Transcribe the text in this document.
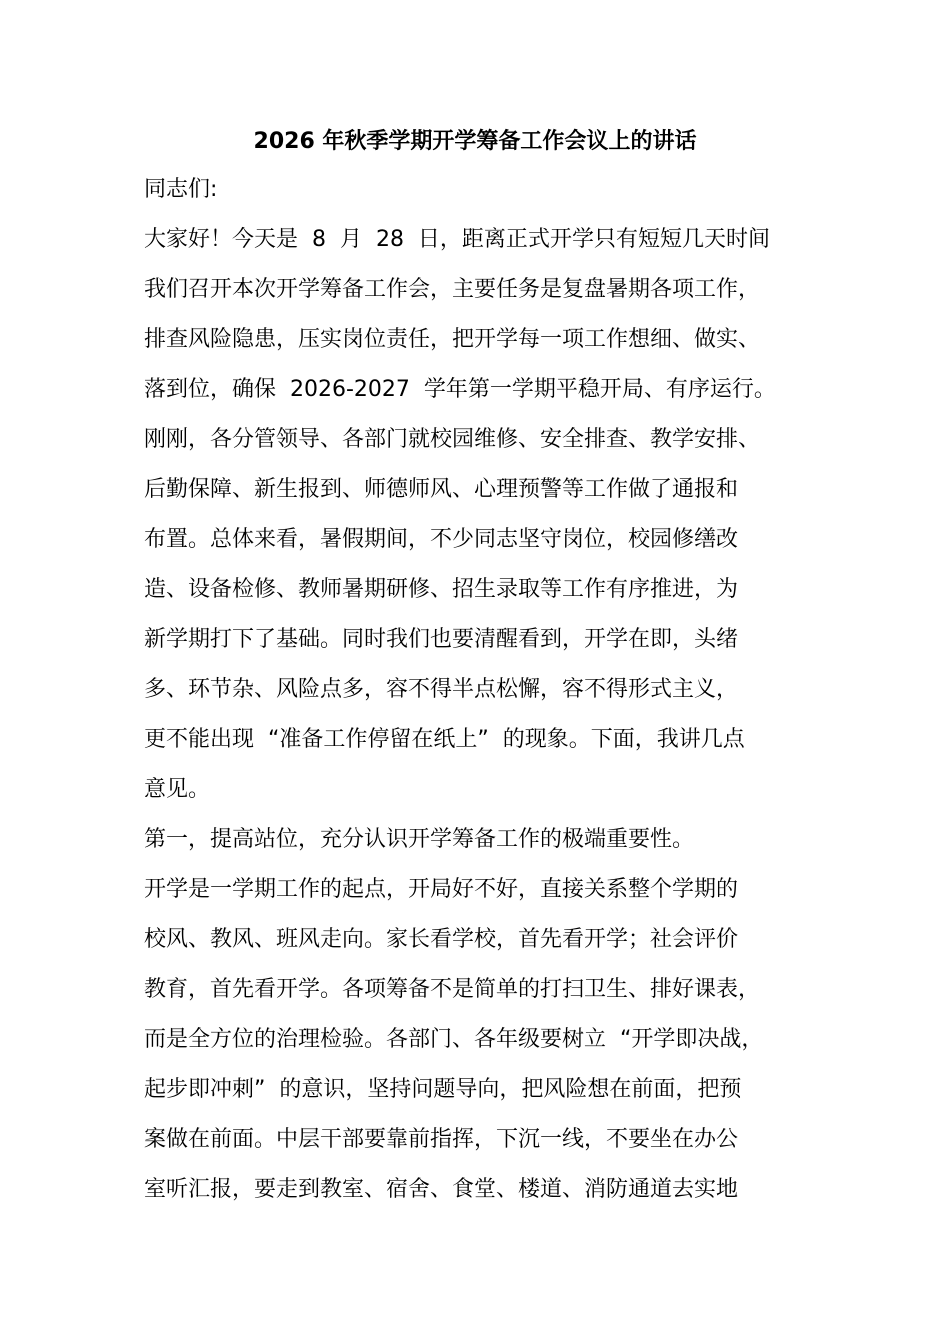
2026 年秋季学期开学筹备工作会议上的讲话
同志们:
大家好！今天是  8  月  28  日，距离正式开学只有短短几天时间
我们召开本次开学筹备工作会，主要任务是复盘暑期各项工作，
排查风险隐患，压实岗位责任，把开学每一项工作想细、做实、
落到位，确保  2026-2027  学年第一学期平稳开局、有序运行。
刚刚，各分管领导、各部门就校园维修、安全排查、教学安排、
后勤保障、新生报到、师德师风、心理预警等工作做了通报和
布置。总体来看，暑假期间，不少同志坚守岗位，校园修缮改
造、设备检修、教师暑期研修、招生录取等工作有序推进，为
新学期打下了基础。同时我们也要清醒看到，开学在即，头绪
多、环节杂、风险点多，容不得半点松懈，容不得形式主义，
更不能出现  “准备工作停留在纸上”  的现象。下面，我讲几点
意见。
第一，提高站位，充分认识开学筹备工作的极端重要性。
开学是一学期工作的起点，开局好不好，直接关系整个学期的
校风、教风、班风走向。家长看学校，首先看开学；社会评价
教育，首先看开学。各项筹备不是简单的打扫卫生、排好课表，
而是全方位的治理检验。各部门、各年级要树立  “开学即决战，
起步即冲刺”  的意识，坚持问题导向，把风险想在前面，把预
案做在前面。中层干部要靠前指挥，下沉一线，不要坐在办公
室听汇报，要走到教室、宿舍、食堂、楼道、消防通道去实地
